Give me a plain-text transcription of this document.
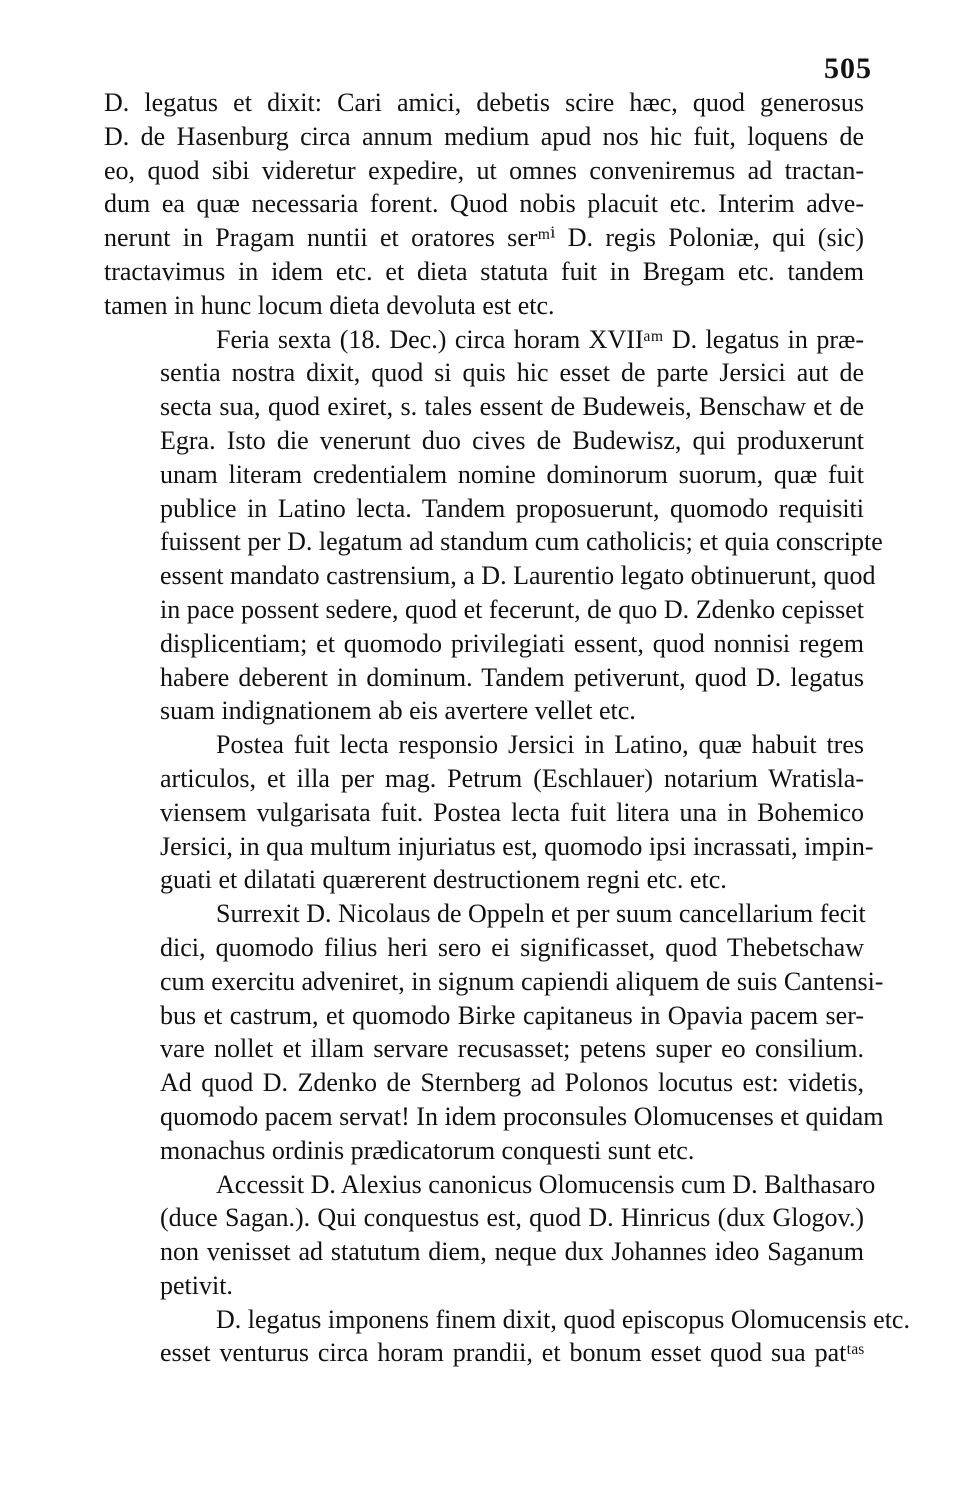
505

D. legatus et dixit: Cari amici, debetis scire hæc, quod generosus
D. de Hasenburg circa annum medium apud nos hic fuit, loquens de
eo, quod sibi videretur expedire, ut omnes conveniremus ad tractan-
dum ea quæ necessaria forent. Quod nobis placuit etc. Interim adve-
nerunt in Pragam nuntii et oratores serᵐⁱ D. regis Poloniæ, qui (sic)
tractavimus in idem etc. et dieta statuta fuit in Bregam etc. tandem
tamen in hunc locum dieta devoluta est etc.

Feria sexta (18. Dec.) circa horam XVIIᵃᵐ D. legatus in præ-
sentia nostra dixit, quod si quis hic esset de parte Jersici aut de
secta sua, quod exiret, s. tales essent de Budeweis, Benschaw et de
Egra. Isto die venerunt duo cives de Budewisz, qui produxerunt
unam literam credentialem nomine dominorum suorum, quæ fuit
publice in Latino lecta. Tandem proposuerunt, quomodo requisiti
fuissent per D. legatum ad standum cum catholicis; et quia conscripte
essent mandato castrensium, a D. Laurentio legato obtinuerunt, quod
in pace possent sedere, quod et fecerunt, de quo D. Zdenko cepisset
displicentiam; et quomodo privilegiati essent, quod nonnisi regem
habere deberent in dominum. Tandem petiverunt, quod D. legatus
suam indignationem ab eis avertere vellet etc.

Postea fuit lecta responsio Jersici in Latino, quæ habuit tres
articulos, et illa per mag. Petrum (Eschlauer) notarium Wratisla-
viensem vulgarisata fuit. Postea lecta fuit litera una in Bohemico
Jersici, in qua multum injuriatus est, quomodo ipsi incrassati, impin-
guati et dilatati quærerent destructionem regni etc. etc.

Surrexit D. Nicolaus de Oppeln et per suum cancellarium fecit
dici, quomodo filius heri sero ei significasset, quod Thebetschaw
cum exercitu adveniret, in signum capiendi aliquem de suis Cantensi-
bus et castrum, et quomodo Birke capitaneus in Opavia pacem ser-
vare nollet et illam servare recusasset; petens super eo consilium.
Ad quod D. Zdenko de Sternberg ad Polonos locutus est: videtis,
quomodo pacem servat! In idem proconsules Olomucenses et quidam
monachus ordinis prædicatorum conquesti sunt etc.

Accessit D. Alexius canonicus Olomucensis cum D. Balthasaro
(duce Sagan.). Qui conquestus est, quod D. Hinricus (dux Glogov.)
non venisset ad statutum diem, neque dux Johannes ideo Saganum
petivit.

D. legatus imponens finem dixit, quod episcopus Olomucensis etc.
esset venturus circa horam prandii, et bonum esset quod sua patᵗᵃˢ
